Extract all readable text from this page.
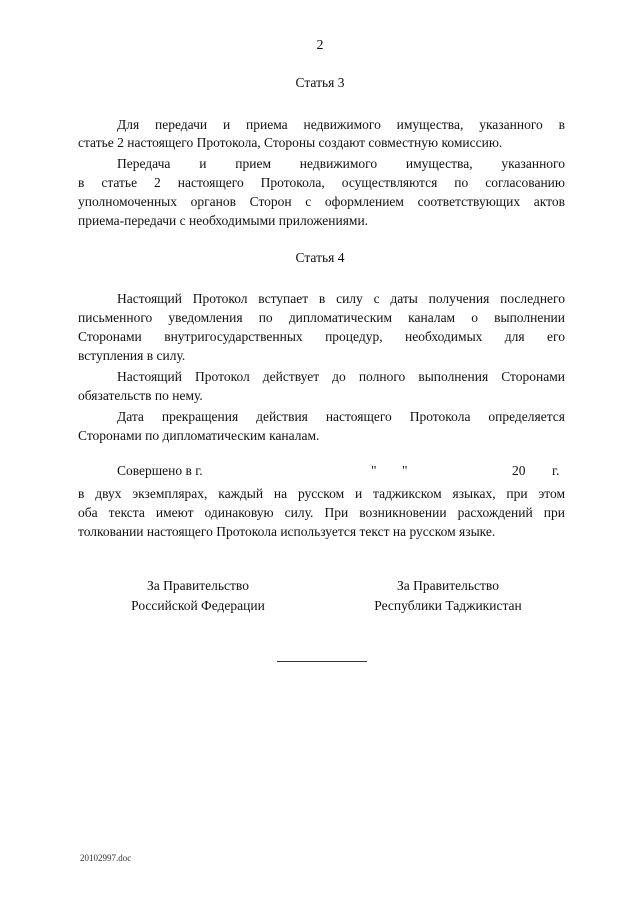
2
Статья 3
Для передачи и приема недвижимого имущества, указанного в
статье 2 настоящего Протокола, Стороны создают совместную комиссию.
Передача и прием недвижимого имущества, указанного
в статье 2 настоящего Протокола, осуществляются по согласованию
уполномоченных органов Сторон с оформлением соответствующих актов
приема-передачи с необходимыми приложениями.
Статья 4
Настоящий Протокол вступает в силу с даты получения последнего
письменного уведомления по дипломатическим каналам о выполнении
Сторонами внутригосударственных процедур, необходимых для его
вступления в силу.
Настоящий Протокол действует до полного выполнения Сторонами
обязательств по нему.
Дата прекращения действия настоящего Протокола определяется
Сторонами по дипломатическим каналам.
Совершено в г.	" "	20 г.
в двух экземплярах, каждый на русском и таджикском языках, при этом
оба текста имеют одинаковую силу. При возникновении расхождений при
толковании настоящего Протокола используется текст на русском языке.
За Правительство
Российской Федерации
За Правительство
Республики Таджикистан
20102997.doc
